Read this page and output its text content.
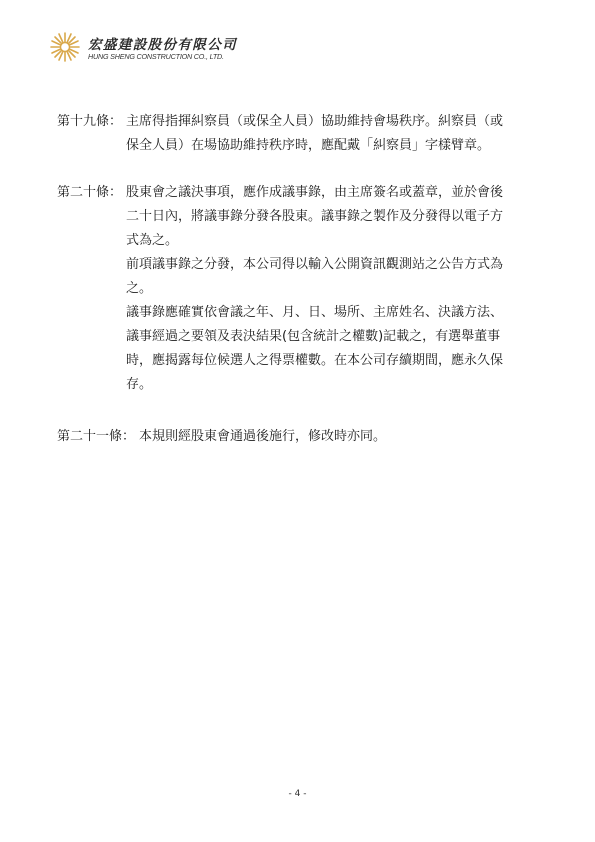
宏盛建設股份有限公司
HUNG SHENG CONSTRUCTION CO., LTD.
第十九條： 主席得指揮糾察員（或保全人員）協助維持會場秩序。糾察員（或
保全人員）在場協助維持秩序時，應配戴「糾察員」字樣臂章。
第二十條： 股東會之議決事項，應作成議事錄，由主席簽名或蓋章，並於會後
二十日內，將議事錄分發各股東。議事錄之製作及分發得以電子方
式為之。
前項議事錄之分發，本公司得以輸入公開資訊觀測站之公告方式為
之。
議事錄應確實依會議之年、月、日、場所、主席姓名、決議方法、
議事經過之要領及表決結果(包含統計之權數)記載之，有選舉董事
時，應揭露每位候選人之得票權數。在本公司存續期間，應永久保
存。
第二十一條： 本規則經股東會通過後施行，修改時亦同。
- 4 -
